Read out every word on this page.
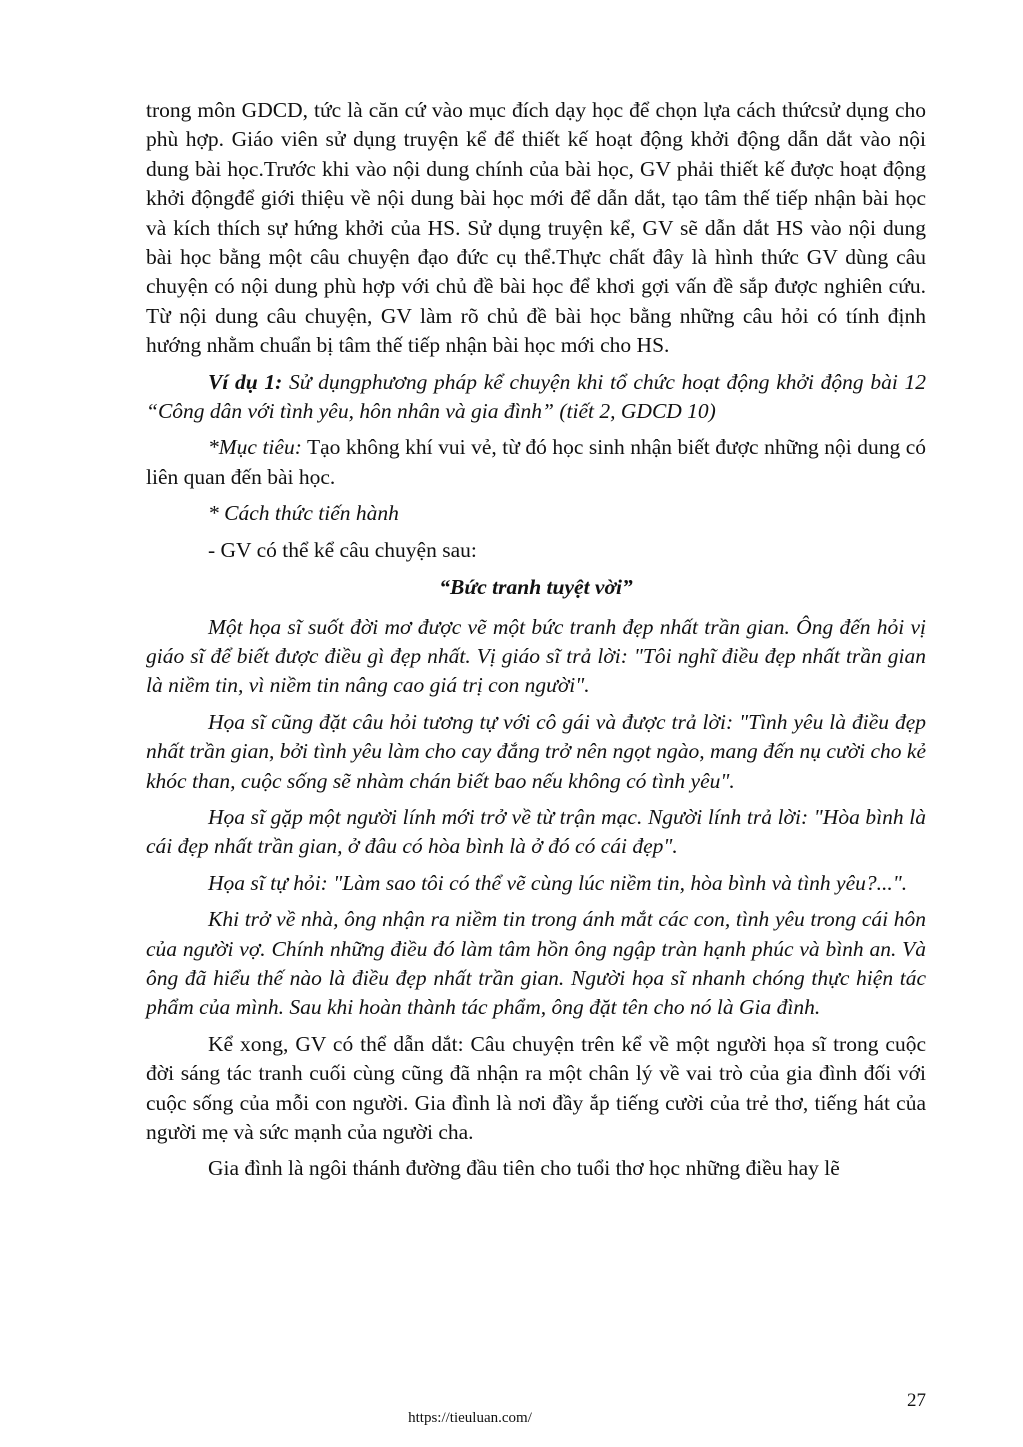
trong môn GDCD, tức là căn cứ vào mục đích dạy học để chọn lựa cách thứcsử dụng cho phù hợp. Giáo viên sử dụng truyện kể để thiết kế hoạt động khởi động dẫn dắt vào nội dung bài học.Trước khi vào nội dung chính của bài học, GV phải thiết kế được hoạt động khởi độngđể giới thiệu về nội dung bài học mới để dẫn dắt, tạo tâm thế tiếp nhận bài học và kích thích sự hứng khởi của HS. Sử dụng truyện kể, GV sẽ dẫn dắt HS vào nội dung bài học bằng một câu chuyện đạo đức cụ thể.Thực chất đây là hình thức GV dùng câu chuyện có nội dung phù hợp với chủ đề bài học để khơi gợi vấn đề sắp được nghiên cứu. Từ nội dung câu chuyện, GV làm rõ chủ đề bài học bằng những câu hỏi có tính định hướng nhằm chuẩn bị tâm thế tiếp nhận bài học mới cho HS.

Ví dụ 1: Sử dụngphương pháp kể chuyện khi tổ chức hoạt động khởi động bài 12 “Công dân với tình yêu, hôn nhân và gia đình” (tiết 2, GDCD 10)

*Mục tiêu: Tạo không khí vui vẻ, từ đó học sinh nhận biết được những nội dung có liên quan đến bài học.

* Cách thức tiến hành

- GV có thể kể câu chuyện sau:

“Bức tranh tuyệt vời”

Một họa sĩ suốt đời mơ được vẽ một bức tranh đẹp nhất trần gian. Ông đến hỏi vị giáo sĩ để biết được điều gì đẹp nhất. Vị giáo sĩ trả lời: "Tôi nghĩ điều đẹp nhất trần gian là niềm tin, vì niềm tin nâng cao giá trị con người".

Họa sĩ cũng đặt câu hỏi tương tự với cô gái và được trả lời: "Tình yêu là điều đẹp nhất trần gian, bởi tình yêu làm cho cay đắng trở nên ngọt ngào, mang đến nụ cười cho kẻ khóc than, cuộc sống sẽ nhàm chán biết bao nếu không có tình yêu".

Họa sĩ gặp một người lính mới trở về từ trận mạc. Người lính trả lời: "Hòa bình là cái đẹp nhất trần gian, ở đâu có hòa bình là ở đó có cái đẹp".

Họa sĩ tự hỏi: "Làm sao tôi có thể vẽ cùng lúc niềm tin, hòa bình và tình yêu?...".

Khi trở về nhà, ông nhận ra niềm tin trong ánh mắt các con, tình yêu trong cái hôn của người vợ. Chính những điều đó làm tâm hồn ông ngập tràn hạnh phúc và bình an. Và ông đã hiểu thế nào là điều đẹp nhất trần gian. Người họa sĩ nhanh chóng thực hiện tác phẩm của mình. Sau khi hoàn thành tác phẩm, ông đặt tên cho nó là Gia đình.

Kể xong, GV có thể dẫn dắt: Câu chuyện trên kể về một người họa sĩ trong cuộc đời sáng tác tranh cuối cùng cũng đã nhận ra một chân lý về vai trò của gia đình đối với cuộc sống của mỗi con người. Gia đình là nơi đầy ắp tiếng cười của trẻ thơ, tiếng hát của người mẹ và sức mạnh của người cha.

Gia đình là ngôi thánh đường đầu tiên cho tuổi thơ học những điều hay lẽ

27
https://tieuluan.com/
